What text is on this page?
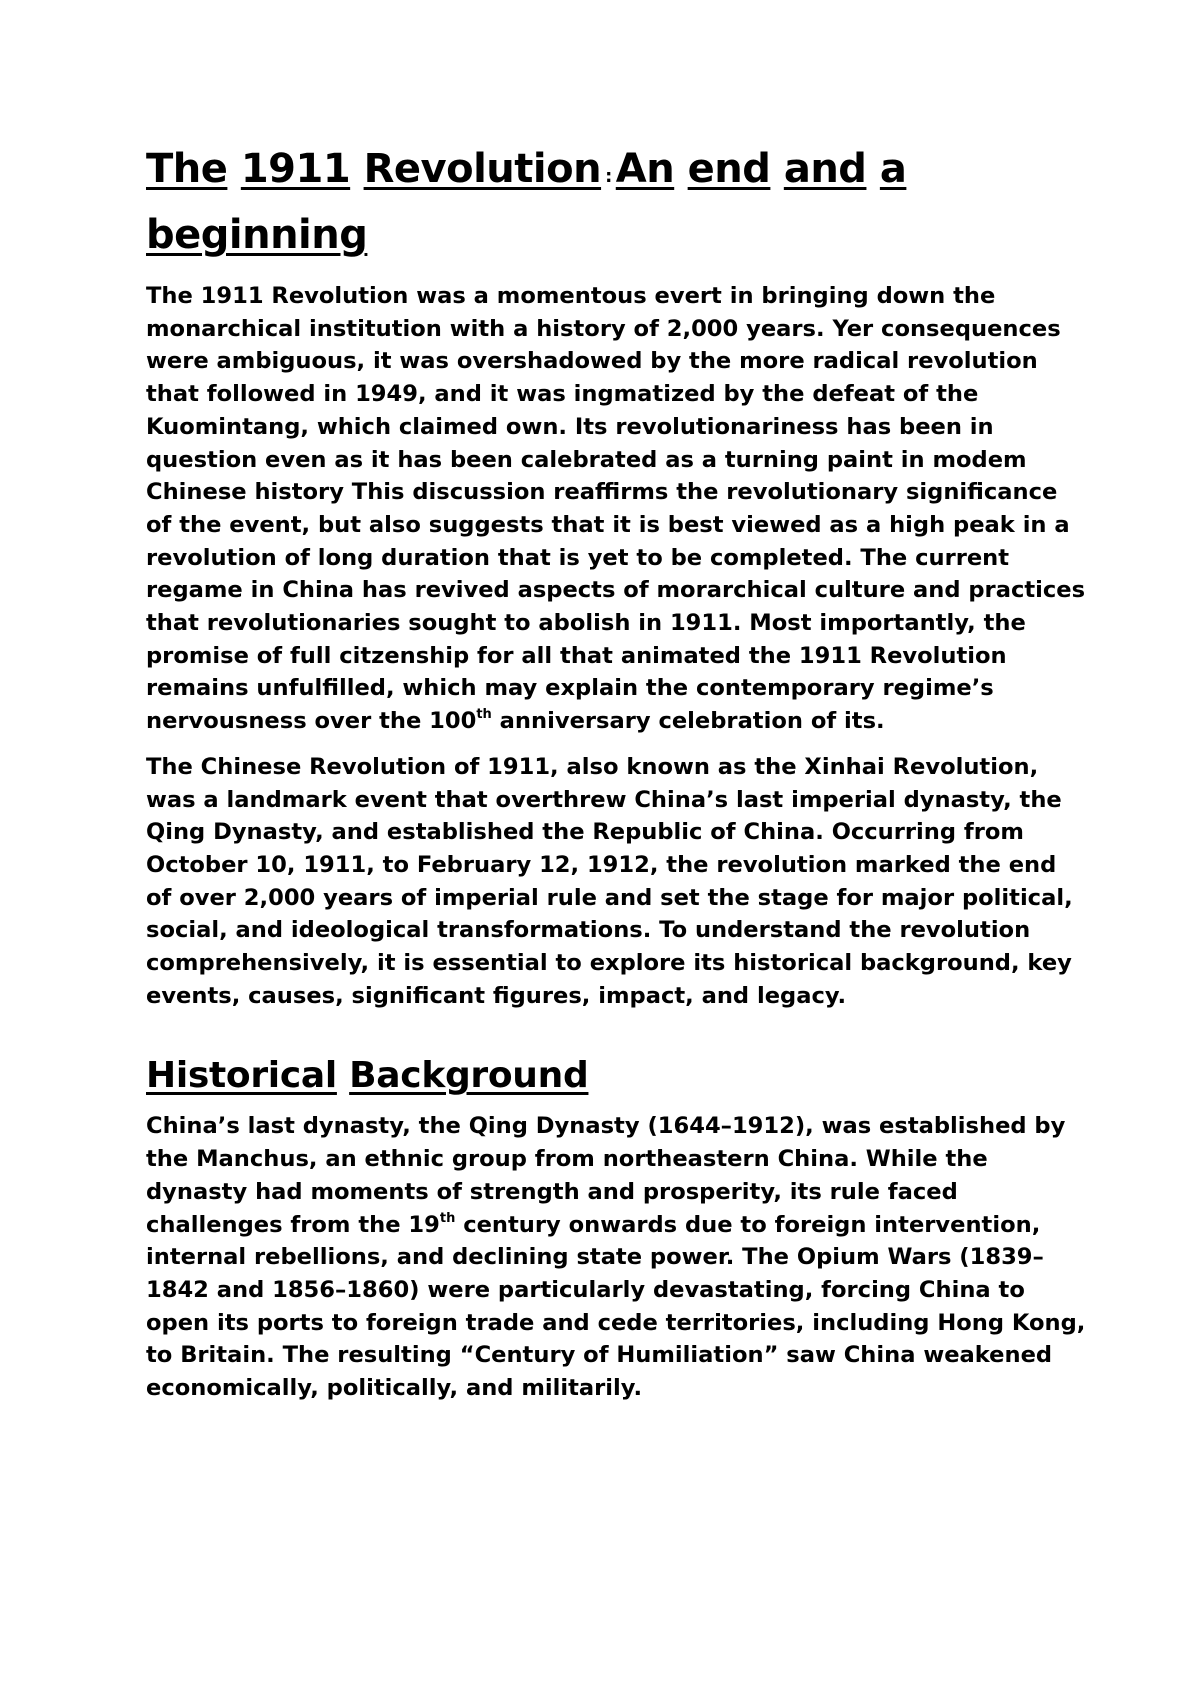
The 1911 Revolution : An end and a
beginning

The 1911 Revolution was a momentous evert in bringing down the monarchical institution with a history of 2,000 years. Yer consequences were ambiguous, it was overshadowed by the more radical revolution that followed in 1949, and it was ingmatized by the defeat of the Kuomintang, which claimed own. Its revolutionariness has been in question even as it has been calebrated as a turning paint in modem Chinese history This discussion reaffirms the revolutionary significance of the event, but also suggests that it is best viewed as a high peak in a revolution of long duration that is yet to be completed. The current regame in China has revived aspects of morarchical culture and practices that revolutionaries sought to abolish in 1911. Most importantly, the promise of full citzenship for all that animated the 1911 Revolution remains unfulfilled, which may explain the contemporary regime’s nervousness over the 100th anniversary celebration of its.

The Chinese Revolution of 1911, also known as the Xinhai Revolution, was a landmark event that overthrew China’s last imperial dynasty, the Qing Dynasty, and established the Republic of China. Occurring from October 10, 1911, to February 12, 1912, the revolution marked the end of over 2,000 years of imperial rule and set the stage for major political, social, and ideological transformations. To understand the revolution comprehensively, it is essential to explore its historical background, key events, causes, significant figures, impact, and legacy.

Historical Background

China’s last dynasty, the Qing Dynasty (1644–1912), was established by the Manchus, an ethnic group from northeastern China. While the dynasty had moments of strength and prosperity, its rule faced challenges from the 19th century onwards due to foreign intervention, internal rebellions, and declining state power. The Opium Wars (1839–1842 and 1856–1860) were particularly devastating, forcing China to open its ports to foreign trade and cede territories, including Hong Kong, to Britain. The resulting “Century of Humiliation” saw China weakened economically, politically, and militarily.
